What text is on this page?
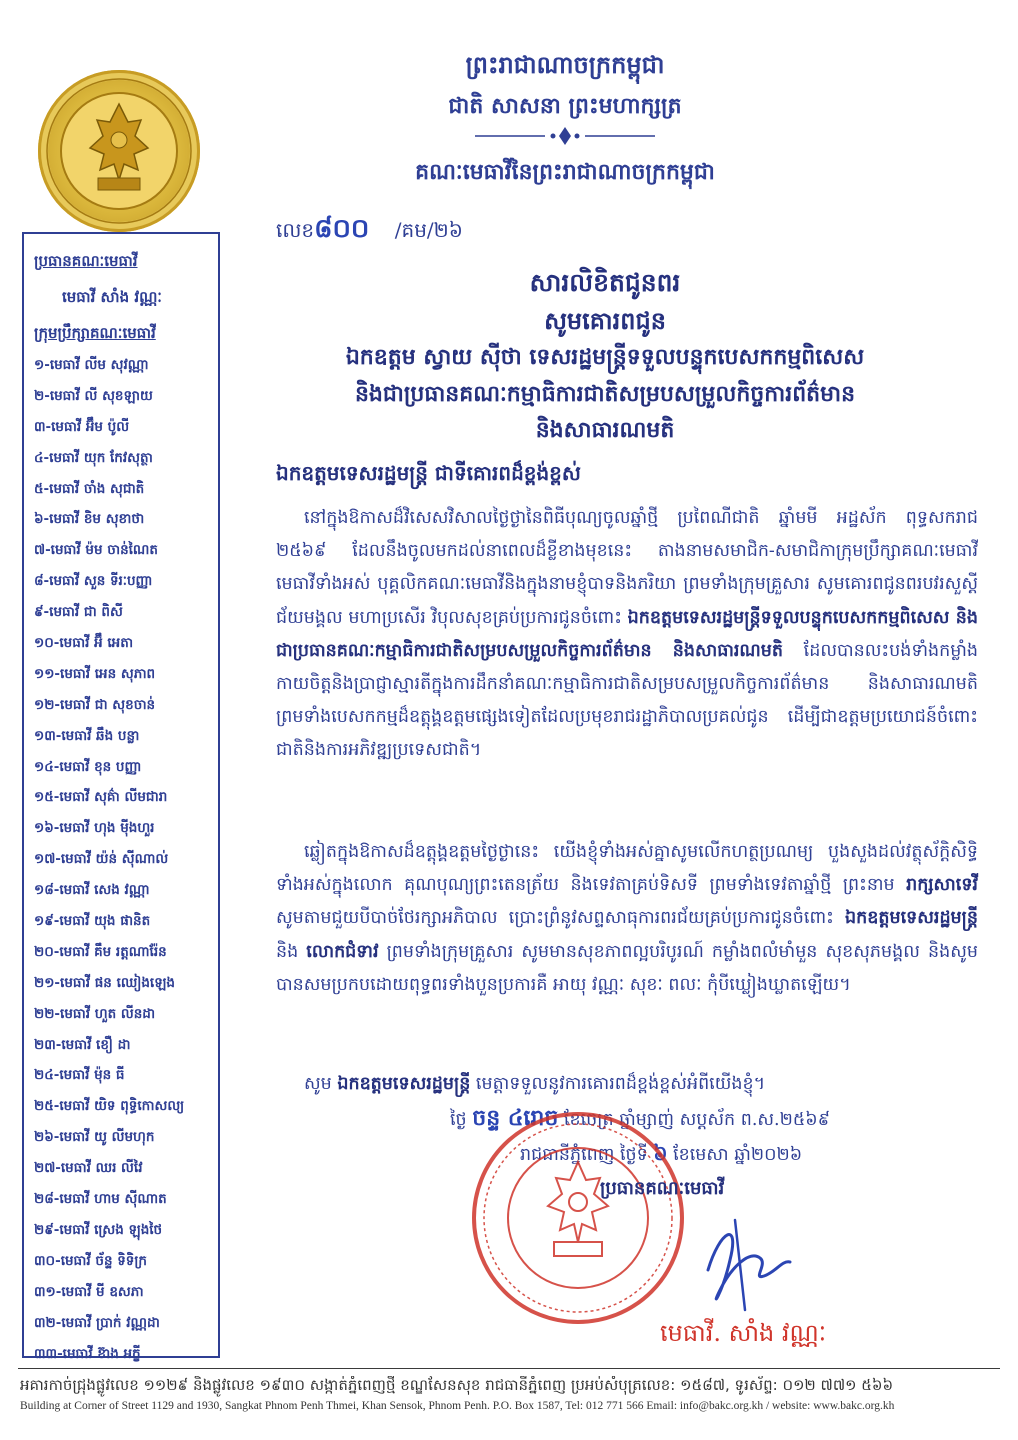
ព្រះរាជាណាចក្រកម្ពុជា
ជាតិ សាសនា ព្រះមហាក្សត្រ
គណៈមេធាវីនៃព្រះរាជាណាចក្រកម្ពុជា
លេខ៨០០ /គម/២៦
ប្រធានគណៈមេធាវី
មេធាវី សាំង វណ្ណៈ
ក្រុមប្រឹក្សាគណៈមេធាវី
១-មេធាវី លីម សុវណ្ណា
២-មេធាវី លី សុខឡាយ
៣-មេធាវី អ៊ឹម ប៉ូលី
៤-មេធាវី យុក កែវសុត្ថា
៥-មេធាវី ចាំង សុជាតិ
៦-មេធាវី ខិម សុខាថា
៧-មេធាវី ម៉ម ចាន់ណៃត
៨-មេធាវី សួន ទីរៈបញ្ញា
៩-មេធាវី ជា ពិសី
១០-មេធាវី អ៊ឹ អេតា
១១-មេធាវី អេន សុភាព
១២-មេធាវី ជា សុខចាន់
១៣-មេធាវី ឆឹង បន្លា
១៤-មេធាវី ខុន បញ្ញា
១៥-មេធាវី សុគ៌ា លីមជារា
១៦-មេធាវី ហុង ម៉ីងហួរ
១៧-មេធាវី យ៉ន់ ស៊ីណាល់
១៨-មេធាវី សេង វណ្ណា
១៩-មេធាវី យុង ផានិត
២០-មេធាវី គឹម រត្តណារ៉ែន
២១-មេធាវី ផន ឈៀងឡេង
២២-មេធាវី ហួត លីនដា
២៣-មេធាវី ខឿ ដា
២៤-មេធាវី ម៉ុន ធី
២៥-មេធាវី យិទ ពុទ្ធិកោសល្យ
២៦-មេធាវី យូ លីមហុក
២៧-មេធាវី ឈរ លីវៃ
២៨-មេធាវី ហាម ស៊ីណាត
២៩-មេធាវី ស្រេង ឡុងថៃ
៣០-មេធាវី ច័ន្ទ ទិទិក្រ
៣១-មេធាវី មី ឧសភា
៣២-មេធាវី ប្រាក់ វណ្ណដា
៣៣-មេធាវី ខ៊ាង អក្ខី
សារលិខិតជូនពរ
សូមគោរពជូន
ឯកឧត្តម ស្វាយ ស៊ីថា ទេសរដ្ឋមន្ត្រីទទួលបន្ទុកបេសកកម្មពិសេស
និងជាប្រធានគណៈកម្មាធិការជាតិសម្របសម្រួលកិច្ចការព័ត៌មាន
និងសាធារណមតិ
ឯកឧត្តមទេសរដ្ឋមន្ត្រី ជាទីគោរពដ៏ខ្ពង់ខ្ពស់
នៅក្នុងឱកាសដ៏វិសេសវិសាលថ្ងៃថ្ងានៃពិធីបុណ្យចូលឆ្នាំថ្មី ប្រពៃណីជាតិ ឆ្នាំមមី អដ្ឋស័ក ពុទ្ធសករាជ ២៥៦៩ ដែលនឹងចូលមកដល់នាពេលដ៏ខ្លីខាងមុខនេះ តាងនាមសមាជិក-សមាជិកាក្រុមប្រឹក្សាគណៈមេធាវី មេធាវីទាំងអស់ បុគ្គលិកគណៈមេធាវីនិងក្នុងនាមខ្ញុំបាទនិងភរិយា ព្រមទាំងក្រុមគ្រួសារ សូមគោរពជូនពរបវរសួស្តី ជ័យមង្គល មហាប្រសើរ វិបុលសុខគ្រប់ប្រការជូនចំពោះ ឯកឧត្តមទេសរដ្ឋមន្ត្រីទទួលបន្ទុកបេសកកម្មពិសេស និងជាប្រធានគណៈកម្មាធិការជាតិសម្របសម្រួលកិច្ចការព័ត៌មាន និងសាធារណមតិ ដែលបានលះបង់ទាំងកម្លាំងកាយចិត្តនិងប្រាជ្ញាស្មារតីក្នុងការដឹកនាំគណៈកម្មាធិការជាតិសម្របសម្រួលកិច្ចការព័ត៌មាន និងសាធារណមតិ ព្រមទាំងបេសកកម្មដ៏ឧត្តុង្គឧត្តមផ្សេងទៀតដែលប្រមុខរាជរដ្ឋាភិបាលប្រគល់ជូន ដើម្បីជាឧត្តមប្រយោជន៍ចំពោះជាតិនិងការអភិវឌ្ឍប្រទេសជាតិ។
ឆ្លៀតក្នុងឱកាសដ៏ឧត្តុង្គឧត្តមថ្ងៃថ្ងានេះ យើងខ្ញុំទាំងអស់គ្នាសូមលើកហត្ថប្រណម្យ បួងសួងដល់វត្ថុស័ក្តិសិទ្ធិទាំងអស់ក្នុងលោក គុណបុណ្យព្រះតេនត្រ័យ និងទេវតាគ្រប់ទិសទី ព្រមទាំងទេវតាឆ្នាំថ្មី ព្រះនាម រាក្សសាទេវី សូមតាមជួយបីបាច់ថែរក្សាអភិបាល ប្រោះព្រំនូវសព្ទសាធុការពរជ័យគ្រប់ប្រការជូនចំពោះ ឯកឧត្តមទេសរដ្ឋមន្ត្រី និង លោកជំទាវ ព្រមទាំងក្រុមគ្រួសារ សូមមានសុខភាពល្អបរិបូរណ៍ កម្លាំងពលំមាំមួន សុខសុភមង្គល និងសូមបានសមប្រកបដោយពុទ្ធពរទាំងបួនប្រការគឺ អាយុ វណ្ណៈ សុខៈ ពលៈ កុំបីឃ្លៀងឃ្លាតឡើយ។
សូម ឯកឧត្តមទេសរដ្ឋមន្ត្រី មេត្តាទទួលនូវការគោរពដ៏ខ្ពង់ខ្ពស់អំពីយើងខ្ញុំ។
ថ្ងៃ ចន្ទ ៤រោច ខែចេត្រ ឆ្នាំម្សាញ់ សប្តស័ក ព.ស.២៥៦៩
រាជធានីភ្នំពេញ ថ្ងៃទី ៦ ខែមេសា ឆ្នាំ២០២៦
ប្រធានគណៈមេធាវី
មេធាវី. សាំង វណ្ណៈ
អគារកាច់ជ្រុងផ្លូវលេខ ១១២៩ និងផ្លូវលេខ ១៩៣០ សង្កាត់ភ្នំពេញថ្មី ខណ្ឌសែនសុខ រាជធានីភ្នំពេញ ប្រអប់សំបុត្រលេខ: ១៥៨៧, ទូរស័ព្ទ: ០១២ ៧៧១ ៥៦៦
Building at Corner of Street 1129 and 1930, Sangkat Phnom Penh Thmei, Khan Sensok, Phnom Penh. P.O. Box 1587, Tel: 012 771 566 Email: info@bakc.org.kh / website: www.bakc.org.kh
